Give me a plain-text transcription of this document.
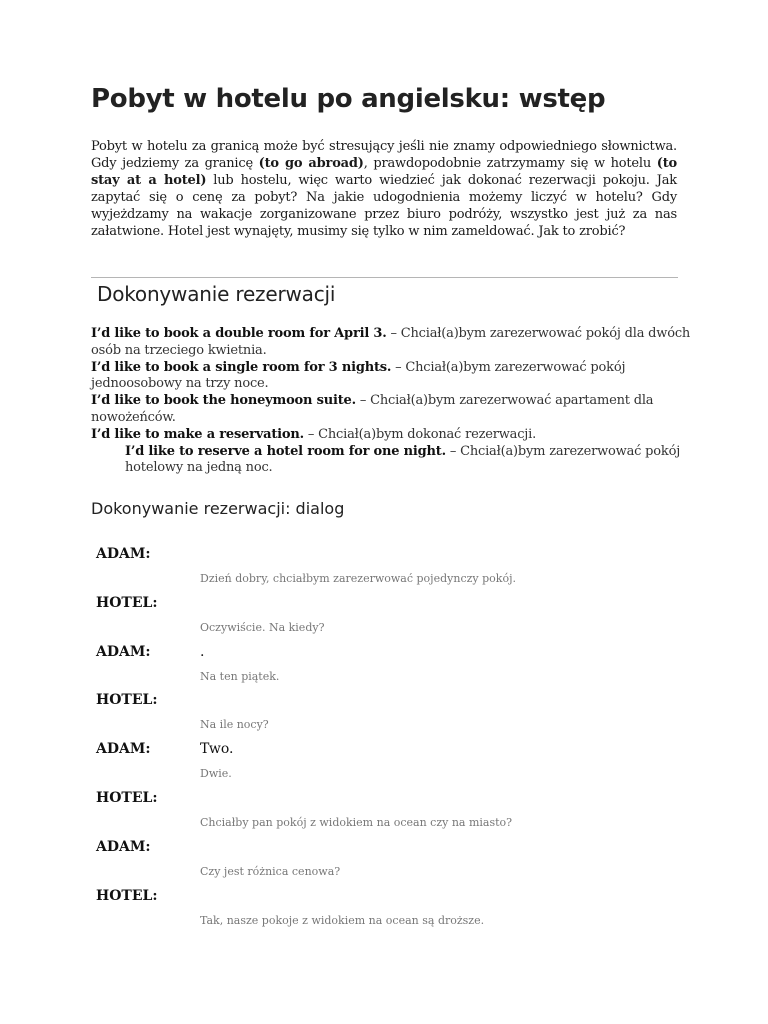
Pobyt w hotelu po angielsku: wstęp
Pobyt w hotelu za granicą może być stresujący jeśli nie znamy odpowiedniego słownictwa. Gdy jedziemy za granicę (to go abroad), prawdopodobnie zatrzymamy się w hotelu (to stay at a hotel) lub hostelu, więc warto wiedzieć jak dokonać rezerwacji pokoju. Jak zapytać się o cenę za pobyt? Na jakie udogodnienia możemy liczyć w hotelu? Gdy wyjeżdzamy na wakacje zorganizowane przez biuro podróży, wszystko jest już za nas załatwione. Hotel jest wynajęty, musimy się tylko w nim zameldować. Jak to zrobić?
Dokonywanie rezerwacji

I’d like to book a double room for April 3. – Chciał(a)bym zarezerwować pokój dla dwóch osób na trzeciego kwietnia.

I’d like to book a single room for 3 nights. – Chciał(a)bym zarezerwować pokój jednoosobowy na trzy noce.

I’d like to book the honeymoon suite. – Chciał(a)bym zarezerwować apartament dla nowożeńców.

I’d like to make a reservation. – Chciał(a)bym dokonać rezerwacji.

I’d like to reserve a hotel room for one night. – Chciał(a)bym zarezerwować pokój hotelowy na jedną noc.

Dokonywanie rezerwacji: dialog
ADAM:
Dzień dobry, chciałbym zarezerwować pojedynczy pokój.
HOTEL:
Oczywiście. Na kiedy?
ADAM:	.
Na ten piątek.
HOTEL:
Na ile nocy?
ADAM:	Two.
Dwie.
HOTEL:
Chciałby pan pokój z widokiem na ocean czy na miasto?
ADAM:
Czy jest różnica cenowa?
HOTEL:
Tak, nasze pokoje z widokiem na ocean są droższe.
